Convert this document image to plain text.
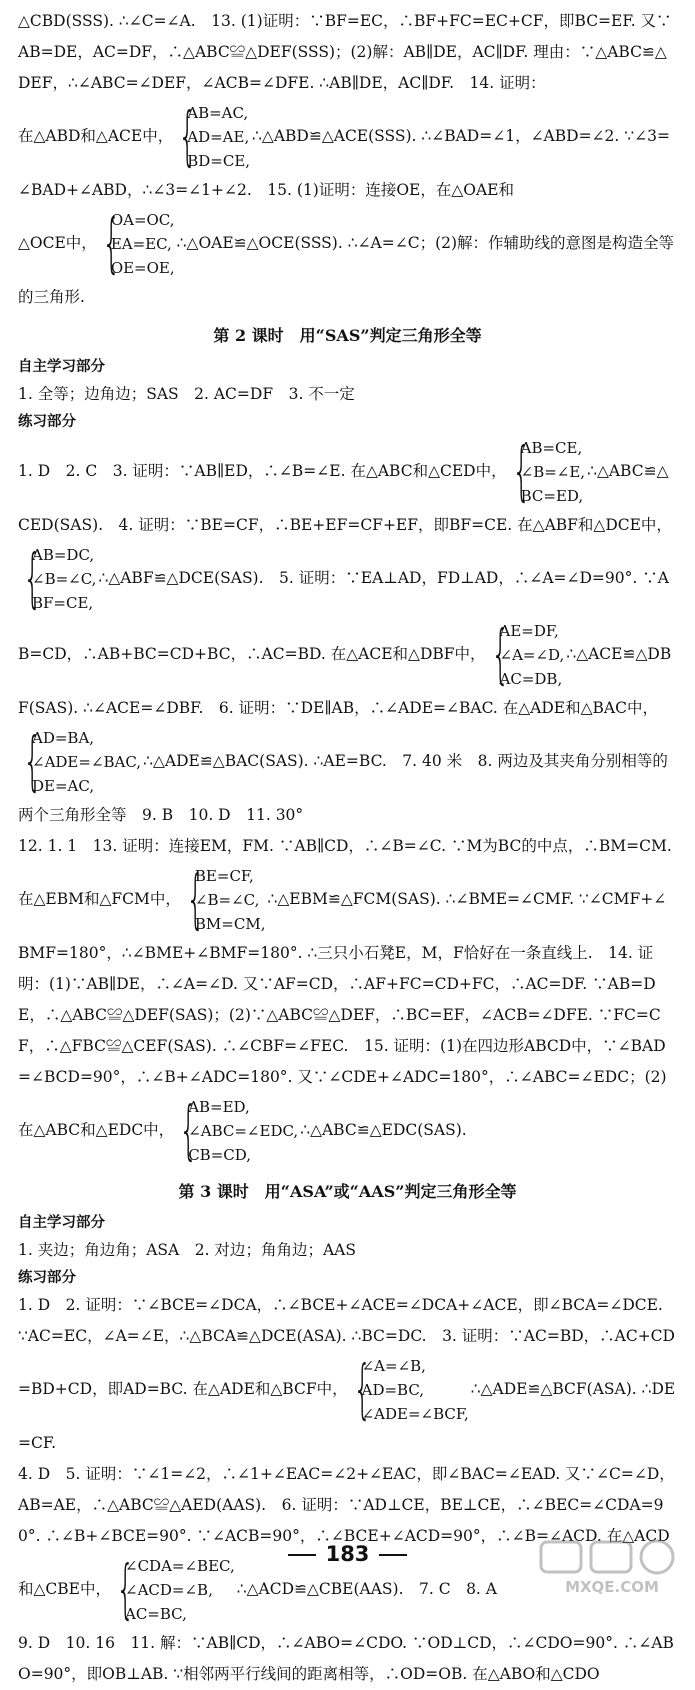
△CBD(SSS). ∴∠C=∠A.　13. (1)证明：∵BF=EC，∴BF+FC=EC+CF，即BC=EF. 又∵AB=DE，AC=DF，∴△ABC≌△DEF(SSS)；(2)解：AB∥DE，AC∥DF. 理由：∵△ABC≌△DEF，∴∠ABC=∠DEF，∠ACB=∠DFE. ∴AB∥DE，AC∥DF.　14. 证明：

在△ABD和△ACE中， {
AB=AC,
AD=AE,
BD=CE,
∴△ABD≌△ACE(SSS). ∴∠BAD=∠1，∠ABD=∠2. ∵∠3=∠BAD+∠ABD，∴∠3=∠1+∠2.　15. (1)证明：连接OE，在△OAE和

△OCE中， {
OA=OC,
EA=EC,
OE=OE,
∴△OAE≌△OCE(SSS). ∴∠A=∠C；(2)解：作辅助线的意图是构造全等的三角形.

第 2 课时　用“SAS”判定三角形全等

自主学习部分

1. 全等；边角边；SAS　2. AC=DF　3. 不一定

练习部分

1. D　2. C　3. 证明：∵AB∥ED，∴∠B=∠E. 在△ABC和△CED中， {
AB=CE,
∠B=∠E,
BC=ED,
∴△ABC≌△CED(SAS).　4. 证明：∵BE=CF，∴BE+EF=CF+EF，即BF=CE. 在△ABF和△DCE中，
{
AB=DC,
∠B=∠C,
BF=CE,
∴△ABF≌△DCE(SAS).　5. 证明：∵EA⊥AD，FD⊥AD，∴∠A=∠D=90°. ∵AB=CD，∴AB+BC=CD+BC，∴AC=BD. 在△ACE和△DBF中， {
AE=DF,
∠A=∠D,
AC=DB,
∴△ACE≌△DBF(SAS). ∴∠ACE=∠DBF.　6. 证明：∵DE∥AB，∴∠ADE=∠BAC. 在△ADE和△BAC中，
{
AD=BA,
∠ADE=∠BAC,
DE=AC,
∴△ADE≌△BAC(SAS). ∴AE=BC.　7. 40 米　8. 两边及其夹角分别相等的两个三角形全等　9. B　10. D　11. 30°

12. 1. 1　13. 证明：连接EM，FM. ∵AB∥CD，∴∠B=∠C. ∵M为BC的中点，∴BM=CM. 在△EBM和△FCM中， {
BE=CF,
∠B=∠C,
BM=CM,
∴△EBM≌△FCM(SAS). ∴∠BME=∠CMF. ∵∠CMF+∠BMF=180°，∴∠BME+∠BMF=180°. ∴三只小石凳E，M，F恰好在一条直线上.　14. 证明：(1)∵AB∥DE，∴∠A=∠D. 又∵AF=CD，∴AF+FC=CD+FC，∴AC=DF. ∵AB=DE，∴△ABC≌△DEF(SAS)；(2)∵△ABC≌△DEF，∴BC=EF，∠ACB=∠DFE. ∵FC=CF，∴△FBC≌△CEF(SAS). ∴∠CBF=∠FEC.　15. 证明：(1)在四边形ABCD中，∵∠BAD=∠BCD=90°，∴∠B+∠ADC=180°. 又∵∠CDE+∠ADC=180°，∴∠ABC=∠EDC；(2)在△ABC和△EDC中， {
AB=ED,
∠ABC=∠EDC,
CB=CD,
∴△ABC≌△EDC(SAS).

第 3 课时　用“ASA”或“AAS”判定三角形全等

自主学习部分

1. 夹边；角边角；ASA　2. 对边；角角边；AAS

练习部分

1. D　2. 证明：∵∠BCE=∠DCA，∴∠BCE+∠ACE=∠DCA+∠ACE，即∠BCA=∠DCE. ∵AC=EC，∠A=∠E，∴△BCA≌△DCE(ASA). ∴BC=DC.　3. 证明：∵AC=BD，∴AC+CD=BD+CD，即AD=BC. 在△ADE和△BCF中， {
∠A=∠B,
AD=BC,
∠ADE=∠BCF,
∴△ADE≌△BCF(ASA). ∴DE=CF.

4. D　5. 证明：∵∠1=∠2，∴∠1+∠EAC=∠2+∠EAC，即∠BAC=∠EAD. 又∵∠C=∠D，AB=AE，∴△ABC≌△AED(AAS).　6. 证明：∵AD⊥CE，BE⊥CE，∴∠BEC=∠CDA=90°. ∴∠B+∠BCE=90°. ∵∠ACB=90°，∴∠BCE+∠ACD=90°，∴∠B=∠ACD. 在△ACD和△CBE中， {
∠CDA=∠BEC,
∠ACD=∠B,
AC=BC,
∴△ACD≌△CBE(AAS).　7. C　8. A

9. D　10. 16　11. 解：∵AB∥CD，∴∠ABO=∠CDO. ∵OD⊥CD，∴∠CDO=90°. ∴∠ABO=90°，即OB⊥AB. ∵相邻两平行线间的距离相等，∴OD=OB. 在△ABO和△CDO

183
MXQE.COM
